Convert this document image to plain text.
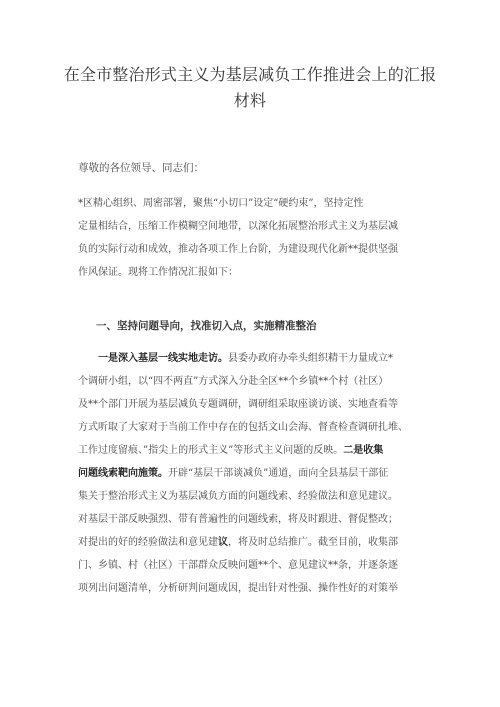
在全市整治形式主义为基层减负工作推进会上的汇报
材料
尊敬的各位领导、同志们：
*区精心组织、周密部署，聚焦“小切口”设定“硬约束”，坚持定性
定量相结合，压缩工作模糊空间地带，以深化拓展整治形式主义为基层减
负的实际行动和成效，推动各项工作上台阶，为建设现代化新**提供坚强
作风保证。现将工作情况汇报如下：
一、坚持问题导向，找准切入点，实施精准整治
一是深入基层一线实地走访。县委办政府办牵头组织精干力量成立*
个调研小组，以“四不两直”方式深入分赴全区**个乡镇**个村（社区）
及**个部门开展为基层减负专题调研，调研组采取座谈访谈、实地查看等
方式听取了大家对于当前工作中存在的包括文山会海、督查检查调研扎堆、
工作过度留痕、”指尖上的形式主义”等形式主义问题的反映。二是收集
问题线索靶向施策。开辟“基层干部谈减负”通道，面向全县基层干部征
集关于整治形式主义为基层减负方面的问题线索、经验做法和意见建议。
对基层干部反映强烈、带有普遍性的问题线索，将及时跟进、督促整改；
对提出的好的经验做法和意见建议，将及时总结推广。截至目前，收集部
门、乡镇、村（社区）干部群众反映问题**个、意见建议**条，并逐条逐
项列出问题清单，分析研判问题成因，提出针对性强、操作性好的对策举
